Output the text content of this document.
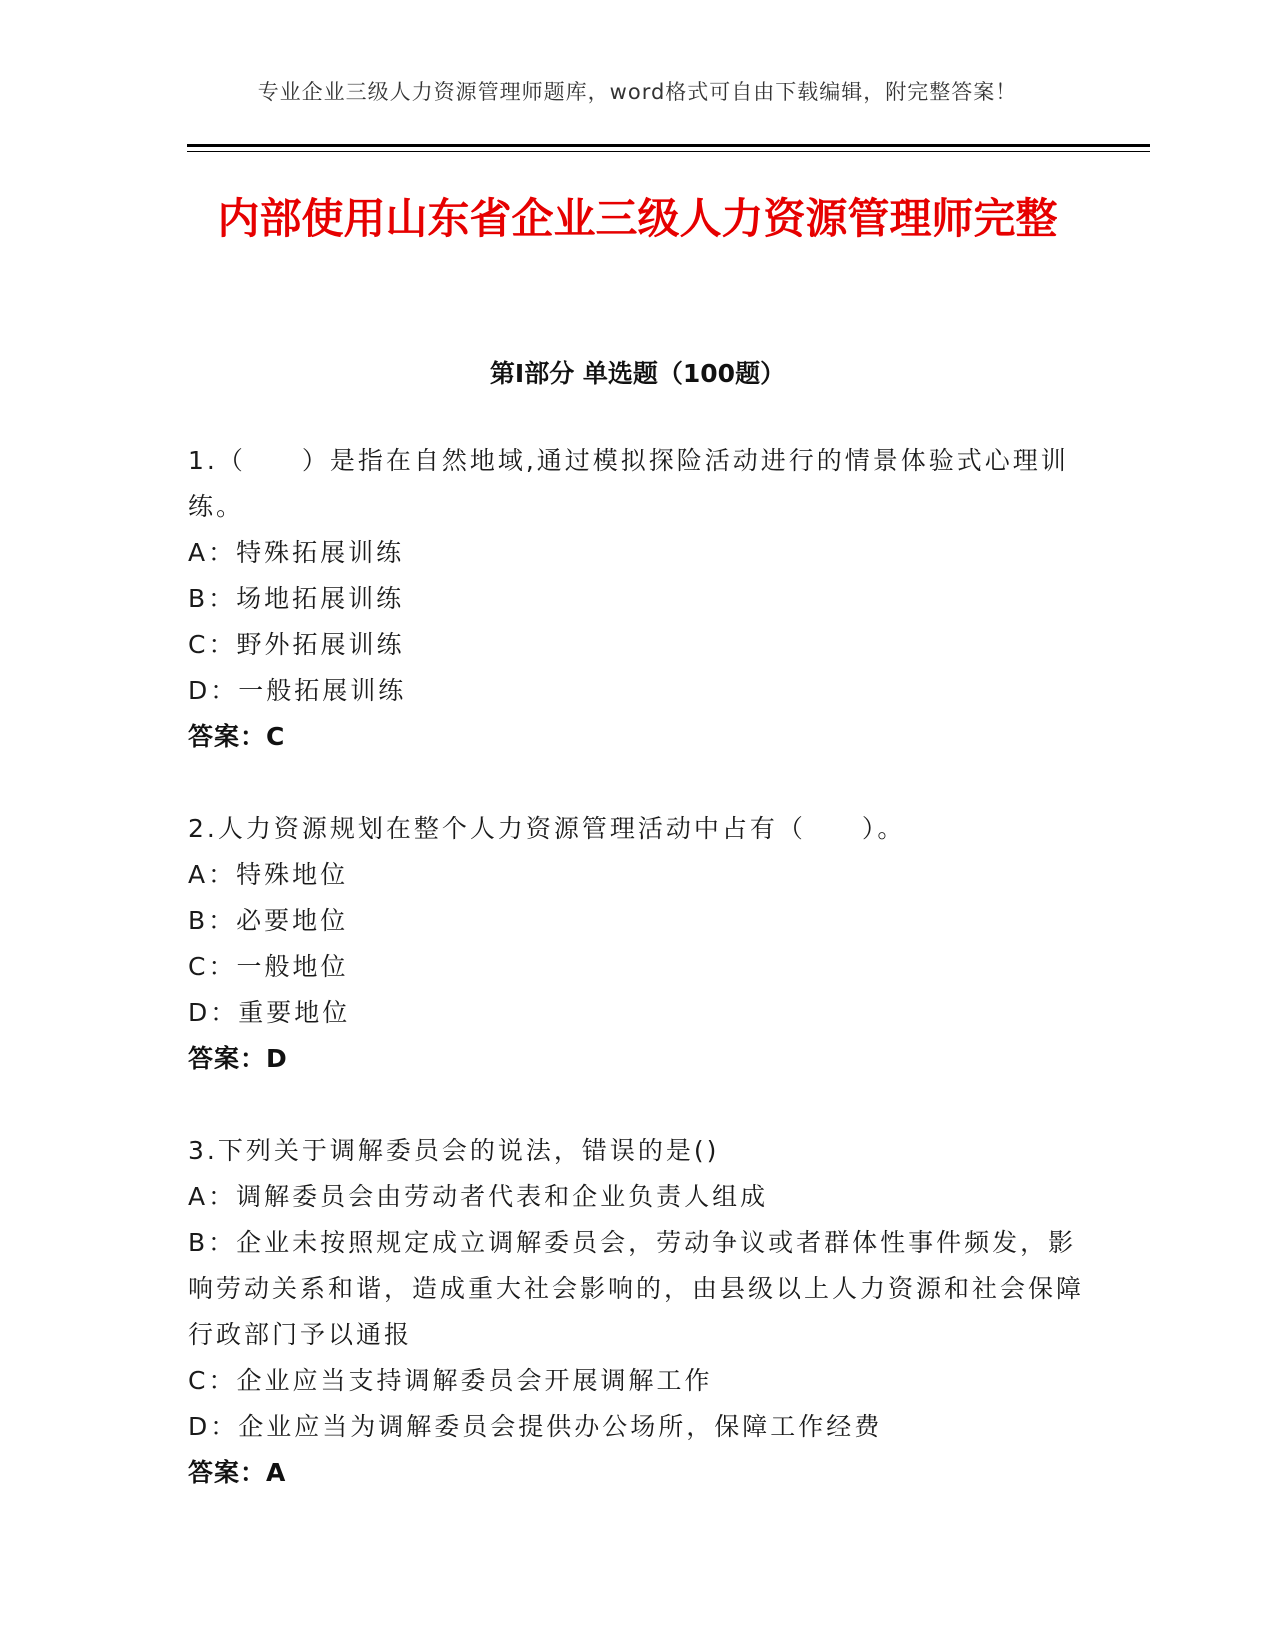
专业企业三级人力资源管理师题库，word格式可自由下载编辑，附完整答案！
内部使用山东省企业三级人力资源管理师完整
第Ⅰ部分 单选题（100题）
1.（　　）是指在自然地域,通过模拟探险活动进行的情景体验式心理训练。
A：特殊拓展训练
B：场地拓展训练
C：野外拓展训练
D：一般拓展训练
答案：C
2.人力资源规划在整个人力资源管理活动中占有（　　）。
A：特殊地位
B：必要地位
C：一般地位
D：重要地位
答案：D
3.下列关于调解委员会的说法，错误的是()
A：调解委员会由劳动者代表和企业负责人组成
B：企业未按照规定成立调解委员会，劳动争议或者群体性事件频发，影响劳动关系和谐，造成重大社会影响的，由县级以上人力资源和社会保障行政部门予以通报
C：企业应当支持调解委员会开展调解工作
D：企业应当为调解委员会提供办公场所，保障工作经费
答案：A
